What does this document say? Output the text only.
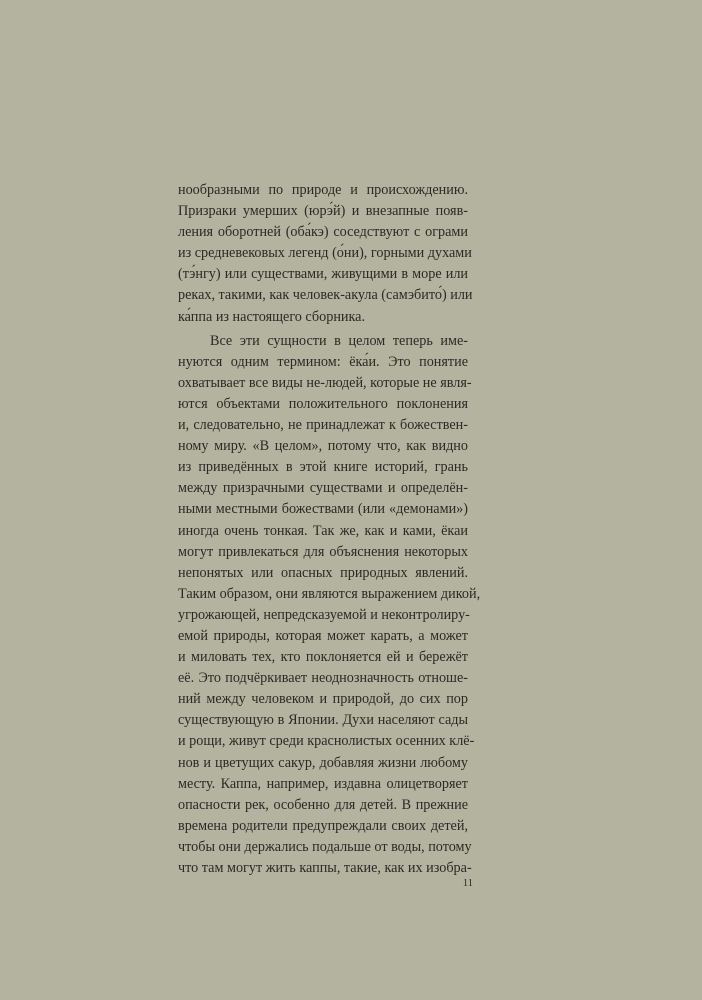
нообразными по природе и происхождению.
Призраки умерших (юрэ́й) и внезапные появ-
ления оборотней (оба́кэ) соседствуют с ограми
из средневековых легенд (о́ни), горными духами
(тэ́нгу) или существами, живущими в море или
реках, такими, как человек-акула (самэбито́) или
ка́ппа из настоящего сборника.
Все эти сущности в целом теперь име-
нуются одним термином: ёка́и. Это понятие
охватывает все виды не-людей, которые не явля-
ются объектами положительного поклонения
и, следовательно, не принадлежат к божествен-
ному миру. «В целом», потому что, как видно
из приведённых в этой книге историй, грань
между призрачными существами и определён-
ными местными божествами (или «демонами»)
иногда очень тонкая. Так же, как и ками, ёкаи
могут привлекаться для объяснения некоторых
непонятых или опасных природных явлений.
Таким образом, они являются выражением дикой,
угрожающей, непредсказуемой и неконтролиру-
емой природы, которая может карать, а может
и миловать тех, кто поклоняется ей и бережёт
её. Это подчёркивает неоднозначность отноше-
ний между человеком и природой, до сих пор
существующую в Японии. Духи населяют сады
и рощи, живут среди краснолистых осенних клё-
нов и цветущих сакур, добавляя жизни любому
месту. Каппа, например, издавна олицетворяет
опасности рек, особенно для детей. В прежние
времена родители предупреждали своих детей,
чтобы они держались подальше от воды, потому
что там могут жить каппы, такие, как их изобра-
11
